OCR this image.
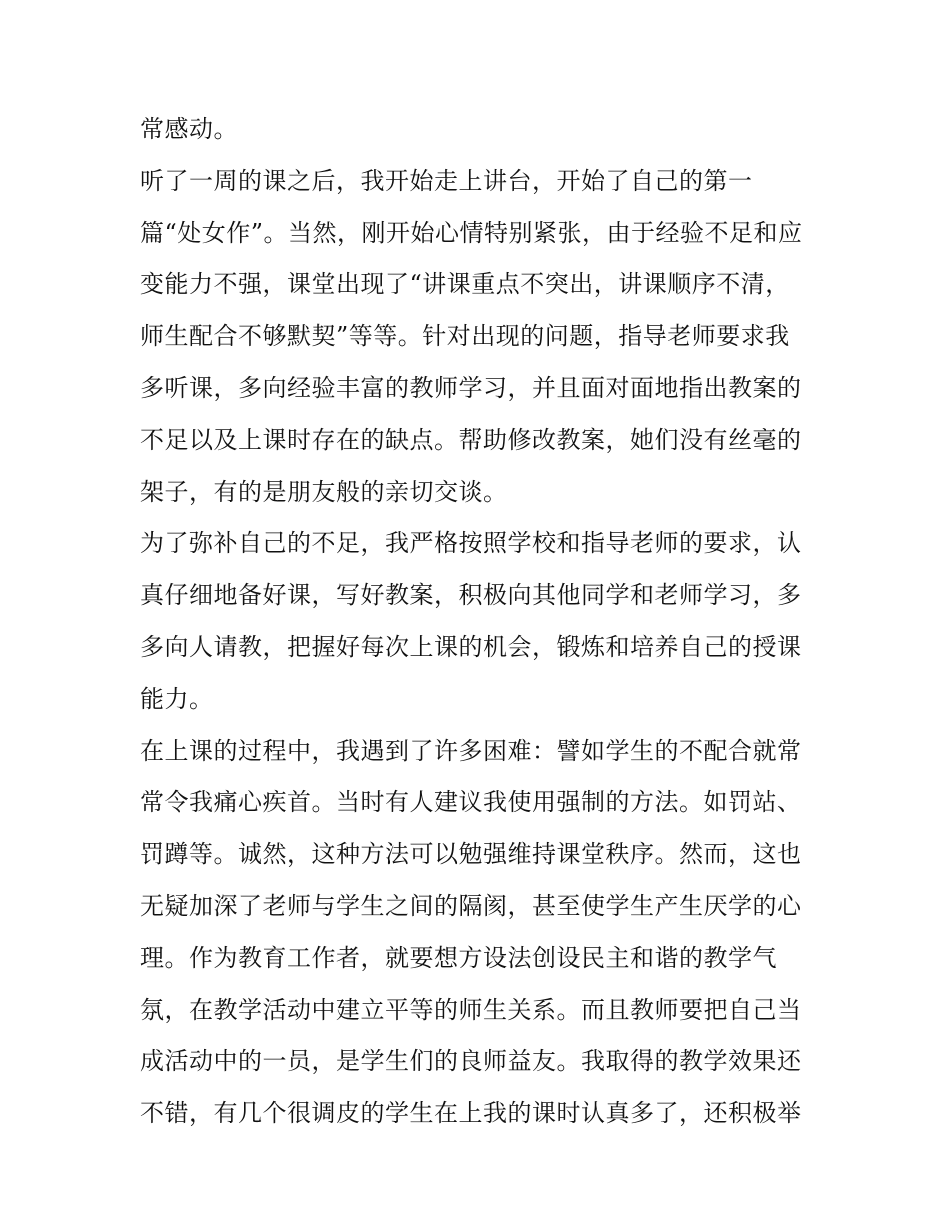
常感动。
听了一周的课之后，我开始走上讲台，开始了自己的第一
篇“处女作”。当然，刚开始心情特别紧张，由于经验不足和应
变能力不强，课堂出现了“讲课重点不突出，讲课顺序不清，
师生配合不够默契”等等。针对出现的问题，指导老师要求我
多听课，多向经验丰富的教师学习，并且面对面地指出教案的
不足以及上课时存在的缺点。帮助修改教案，她们没有丝毫的
架子，有的是朋友般的亲切交谈。
为了弥补自己的不足，我严格按照学校和指导老师的要求，认
真仔细地备好课，写好教案，积极向其他同学和老师学习，多
多向人请教，把握好每次上课的机会，锻炼和培养自己的授课
能力。
在上课的过程中，我遇到了许多困难：譬如学生的不配合就常
常令我痛心疾首。当时有人建议我使用强制的方法。如罚站、
罚蹲等。诚然，这种方法可以勉强维持课堂秩序。然而，这也
无疑加深了老师与学生之间的隔阂，甚至使学生产生厌学的心
理。作为教育工作者，就要想方设法创设民主和谐的教学气
氛，在教学活动中建立平等的师生关系。而且教师要把自己当
成活动中的一员，是学生们的良师益友。我取得的教学效果还
不错，有几个很调皮的学生在上我的课时认真多了，还积极举
